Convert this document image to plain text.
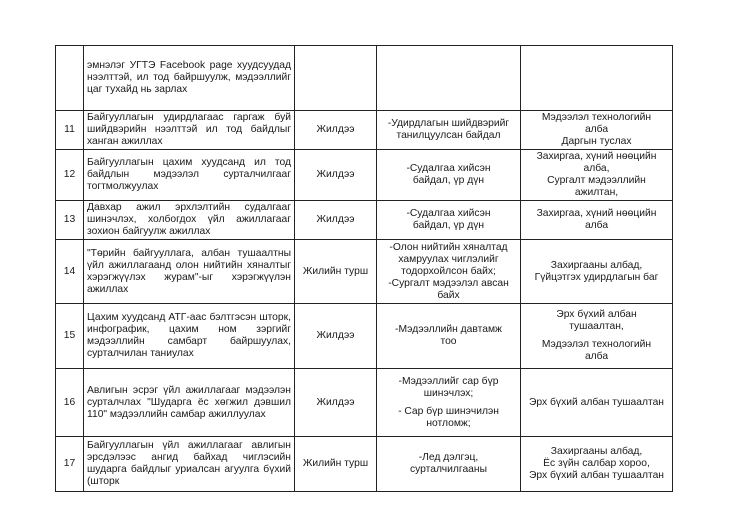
	эмнэлэг УГТЭ Facebook page хуудсуудад нээлттэй, ил тод байршуулж, мэдээллийг цаг тухайд нь зарлах			
11	Байгууллагын удирдлагаас гаргаж буй шийдвэрийн нээлттэй ил тод байдлыг ханган ажиллах	Жилдээ	-Удирдлагын шийдвэрийг
танилцуулсан байдал	Мэдээлэл технологийн
алба
Даргын туслах

12	Байгууллагын цахим хуудсанд ил тод байдлын мэдээлэл сурталчилгааг тогтмолжуулах	Жилдээ	-Судалгаа хийсэн
байдал, үр дүн	Захиргаа, хүний нөөцийн
алба,
Сургалт мэдээллийн
ажилтан,

13	Давхар ажил эрхлэлтийн судалгааг шинэчлэх, холбогдох үйл ажиллагааг зохион байгуулж ажиллах	Жилдээ	-Судалгаа хийсэн
байдал, үр дүн	Захиргаа, хүний нөөцийн
алба

14	"Төрийн байгууллага, албан тушаалтны үйл ажиллагаанд олон нийтийн хяналтыг хэрэгжүүлэх журам"-ыг хэрэгжүүлэн ажиллах	Жилийн турш	-Олон нийтийн хяналтад
хамруулах чиглэлийг
тодорхойлсон байх;
-Сургалт мэдээлэл авсан
байх	Захиргааны албад,
Гүйцэтгэх удирдлагын баг

15	Цахим хуудсанд АТГ-аас бэлтгэсэн шторк, инфографик, цахим ном зэргийг мэдээллийн самбарт байршуулах, сурталчилан таниулах	Жилдээ	-Мэдээллийн давтамж
тоо	Эрх бүхий албан
тушаалтан,
Мэдээлэл технологийн
алба

16	Авлигын эсрэг үйл ажиллагааг мэдээлэн сурталчлах "Шударга ёс хөгжил дэвшил 110" мэдээллийн самбар ажиллуулах	Жилдээ	-Мэдээллийг сар бүр
шинэчлэх;
- Сар бүр шинэчилэн
нотломж;	Эрх бүхий албан тушаалтан

17	Байгууллагын үйл ажиллагааг авлигын эрсдэлээс ангид байхад чиглэсийн шударга байдлыг уриалсан агуулга бүхий (шторк	Жилийн турш	-Лед дэлгэц,
сурталчилгааны	Захиргааны албад,
Ёс зүйн салбар хороо,
Эрх бүхий албан тушаалтан
